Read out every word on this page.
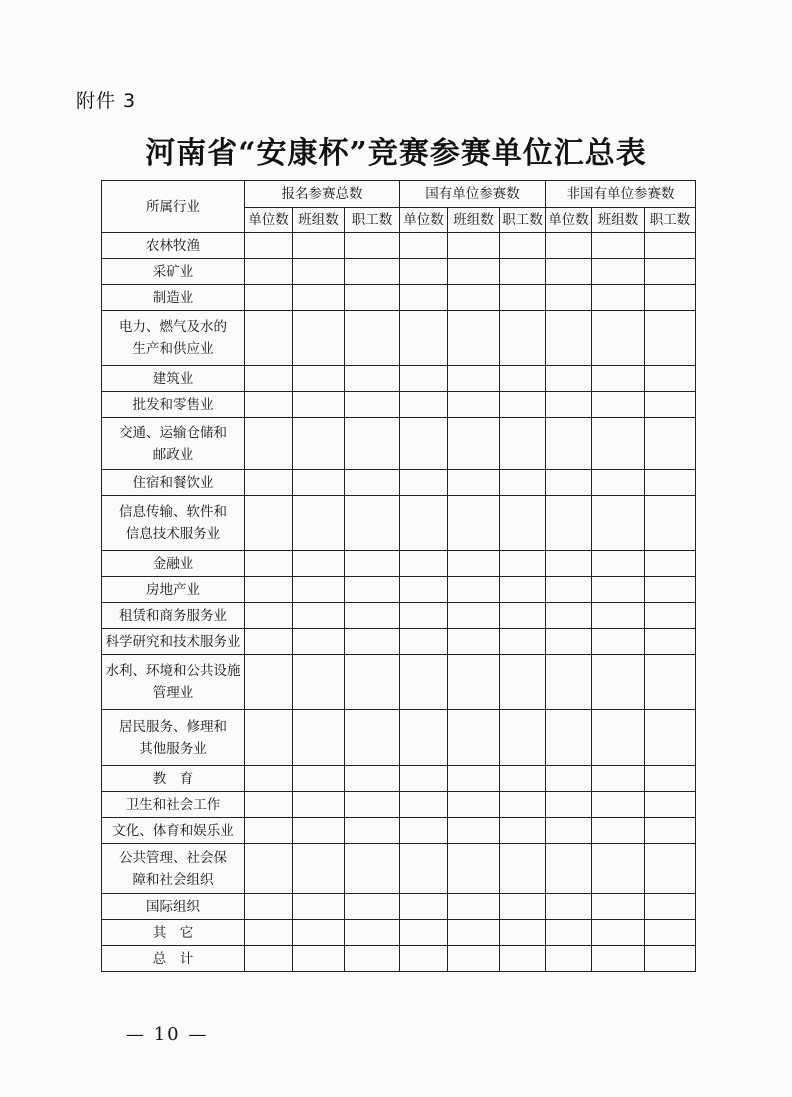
附件 3
河南省“安康杯”竞赛参赛单位汇总表
所属行业	报名参赛总数			国有单位参赛数			非国有单位参赛数		
	单位数	班组数	职工数	单位数	班组数	职工数	单位数	班组数	职工数

农林牧渔									

采矿业									

制造业									

电力、燃气及水的生产和供应业									

建筑业									

批发和零售业									

交通、运输仓储和邮政业									

住宿和餐饮业									

信息传输、软件和信息技术服务业									

金融业									

房地产业									

租赁和商务服务业									

科学研究和技术服务业									

水利、环境和公共设施管理业									

居民服务、修理和其他服务业									

教　育									

卫生和社会工作									

文化、体育和娱乐业									

公共管理、社会保障和社会组织									

国际组织									

其　它									

总　计									

— 10 —
